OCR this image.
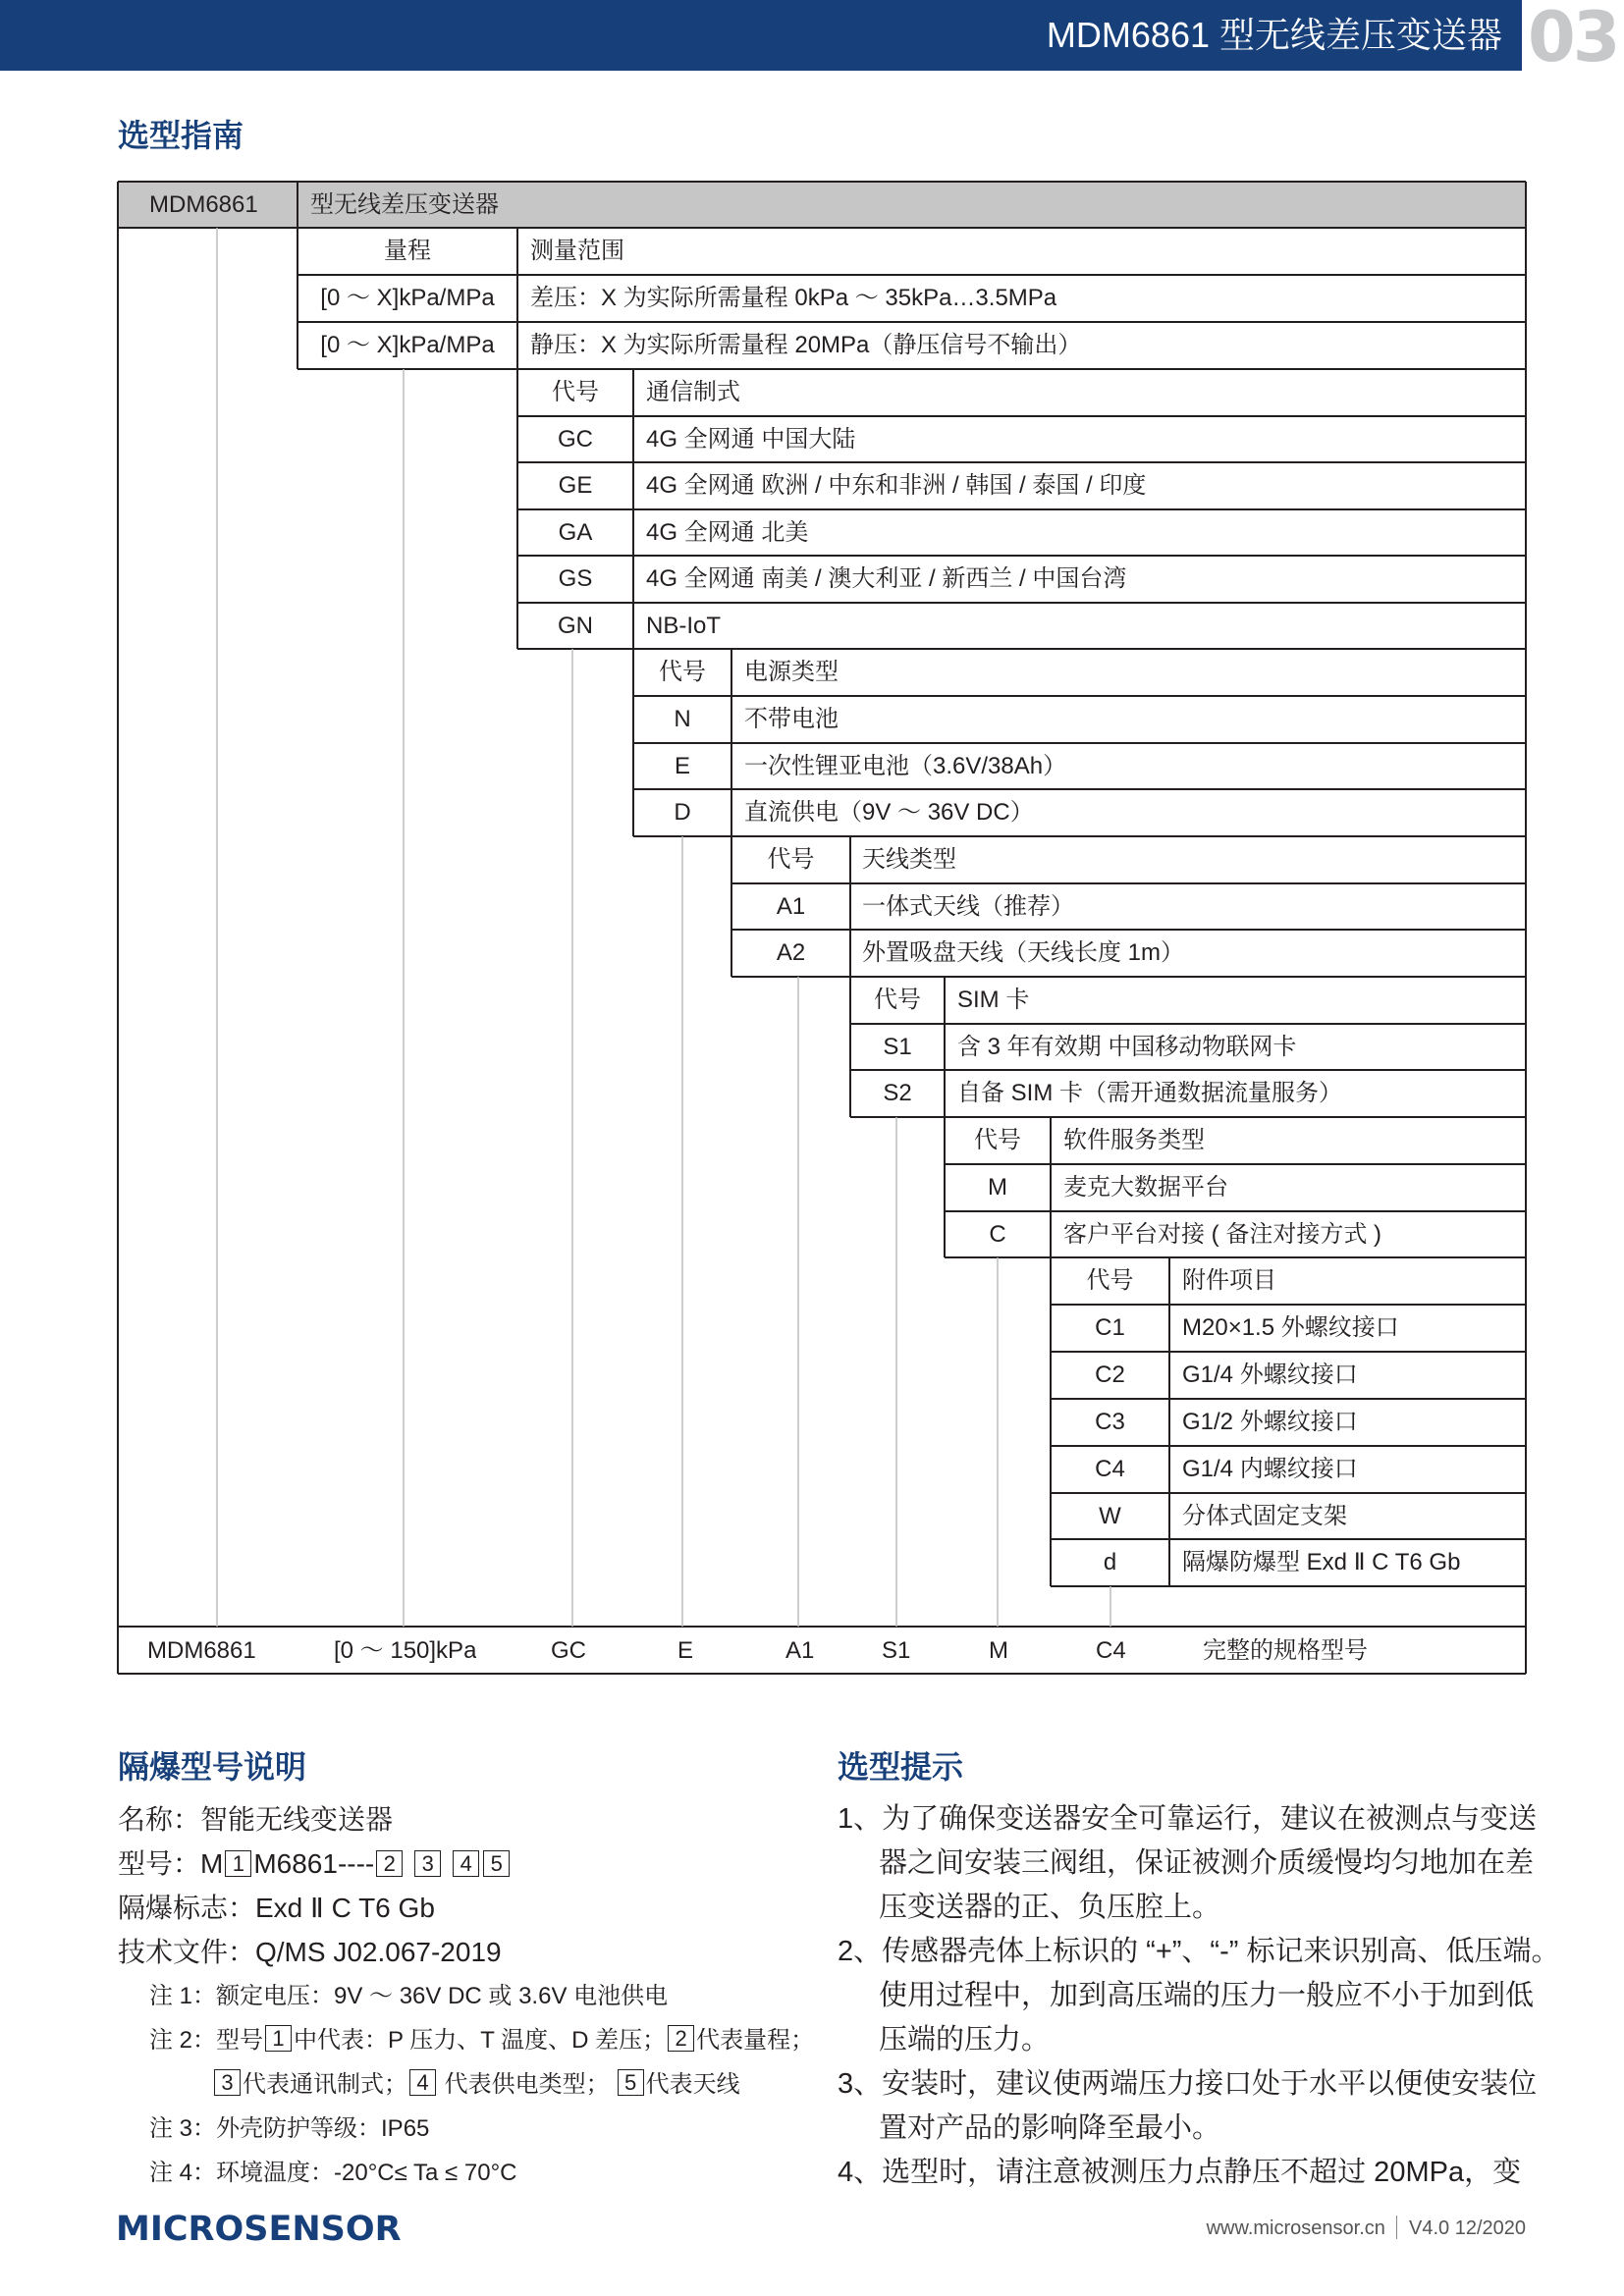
MDM6861 型无线差压变送器 03
选型指南
MDM6861 型无线差压变送器
量程	测量范围
[0 ～ X]kPa/MPa	差压：X 为实际所需量程 0kPa ～ 35kPa…3.5MPa
[0 ～ X]kPa/MPa	静压：X 为实际所需量程 20MPa（静压信号不输出）
代号	通信制式
GC	4G 全网通 中国大陆
GE	4G 全网通 欧洲 / 中东和非洲 / 韩国 / 泰国 / 印度
GA	4G 全网通 北美
GS	4G 全网通 南美 / 澳大利亚 / 新西兰 / 中国台湾
GN	NB-IoT
代号	电源类型
N	不带电池
E	一次性锂亚电池（3.6V/38Ah）
D	直流供电（9V ～ 36V DC）
代号	天线类型
A1	一体式天线（推荐）
A2	外置吸盘天线（天线长度 1m）
代号	SIM 卡
S1	含 3 年有效期 中国移动物联网卡
S2	自备 SIM 卡（需开通数据流量服务）
代号	软件服务类型
M	麦克大数据平台
C	客户平台对接 ( 备注对接方式 )
代号	附件项目
C1	M20×1.5 外螺纹接口
C2	G1/4 外螺纹接口
C3	G1/2 外螺纹接口
C4	G1/4 内螺纹接口
W	分体式固定支架
d	隔爆防爆型 Exd Ⅱ C T6 Gb
MDM6861	[0 ～ 150]kPa	GC	E	A1	S1	M	C4	完整的规格型号
隔爆型号说明

名称：智能无线变送器

型号：M 1 M6861---- 2 3 4 5

隔爆标志：Exd Ⅱ C T6 Gb

技术文件：Q/MS J02.067-2019

注 1：额定电压：9V ～ 36V DC 或 3.6V 电池供电

注 2：型号 1 中代表：P 压力、T 温度、D 差压； 2 代表量程；

3 代表通讯制式； 4 代表供电类型； 5 代表天线

注 3：外壳防护等级：IP65

注 4：环境温度：-20°C≤ Ta ≤ 70°C

选型提示

1、为了确保变送器安全可靠运行，建议在被测点与变送

器之间安装三阀组，保证被测介质缓慢均匀地加在差

压变送器的正、负压腔上。

2、传感器壳体上标识的 “+”、“-” 标记来识别高、低压端。

使用过程中，加到高压端的压力一般应不小于加到低

压端的压力。

3、安装时，建议使两端压力接口处于水平以便使安装位

置对产品的影响降至最小。

4、选型时，请注意被测压力点静压不超过 20MPa，变

MICROSENSOR	www.microsensor.cn V4.0 12/2020
